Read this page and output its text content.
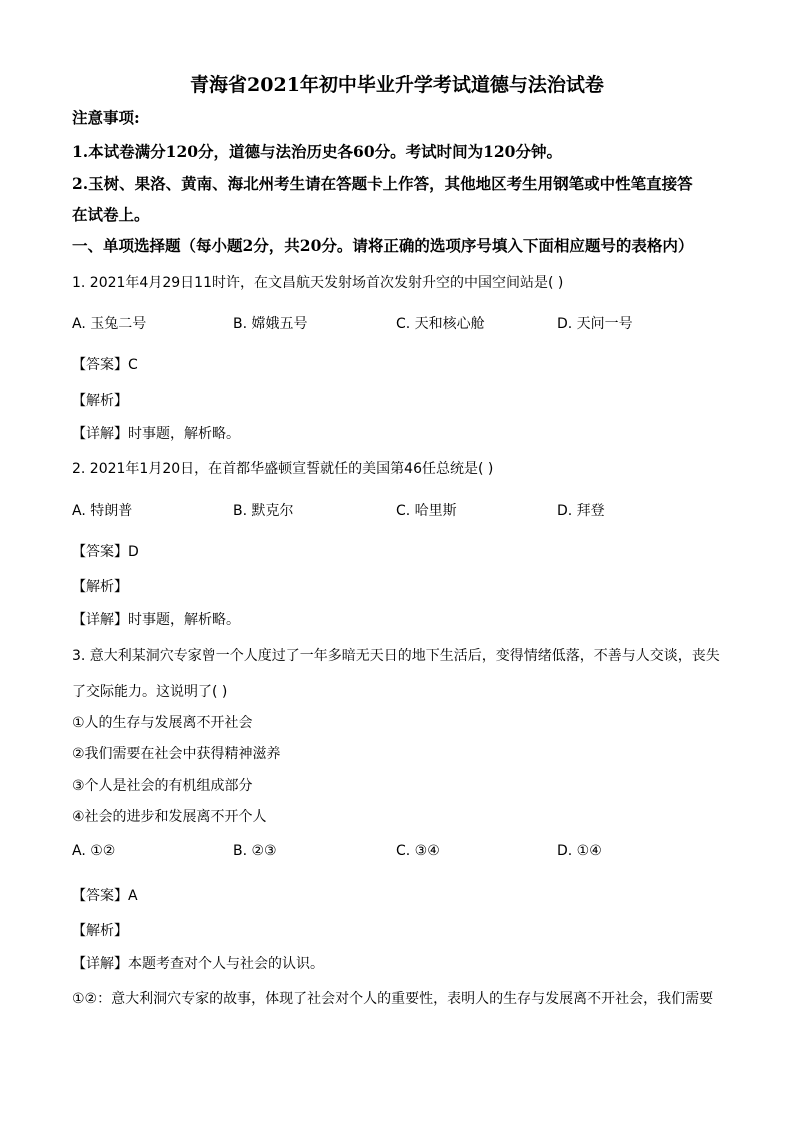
青海省2021年初中毕业升学考试道德与法治试卷
注意事项:
1.本试卷满分120分，道德与法治历史各60分。考试时间为120分钟。
2.玉树、果洛、黄南、海北州考生请在答题卡上作答，其他地区考生用钢笔或中性笔直接答
在试卷上。
一、单项选择题（每小题2分，共20分。请将正确的选项序号填入下面相应题号的表格内）
1. 2021年4月29日11时许，在文昌航天发射场首次发射升空的中国空间站是( )
A. 玉兔二号	B. 嫦娥五号	C. 天和核心舱	D. 天问一号
【答案】C
【解析】
【详解】时事题，解析略。
2. 2021年1月20日，在首都华盛顿宣誓就任的美国第46任总统是( )
A. 特朗普	B. 默克尔	C. 哈里斯	D. 拜登
【答案】D
【解析】
【详解】时事题，解析略。
3. 意大利某洞穴专家曾一个人度过了一年多暗无天日的地下生活后，变得情绪低落，不善与人交谈，丧失
了交际能力。这说明了( )
①人的生存与发展离不开社会
②我们需要在社会中获得精神滋养
③个人是社会的有机组成部分
④社会的进步和发展离不开个人
A. ①②	B. ②③	C. ③④	D. ①④
【答案】A
【解析】
【详解】本题考查对个人与社会的认识。
①②：意大利洞穴专家的故事，体现了社会对个人的重要性，表明人的生存与发展离不开社会，我们需要
